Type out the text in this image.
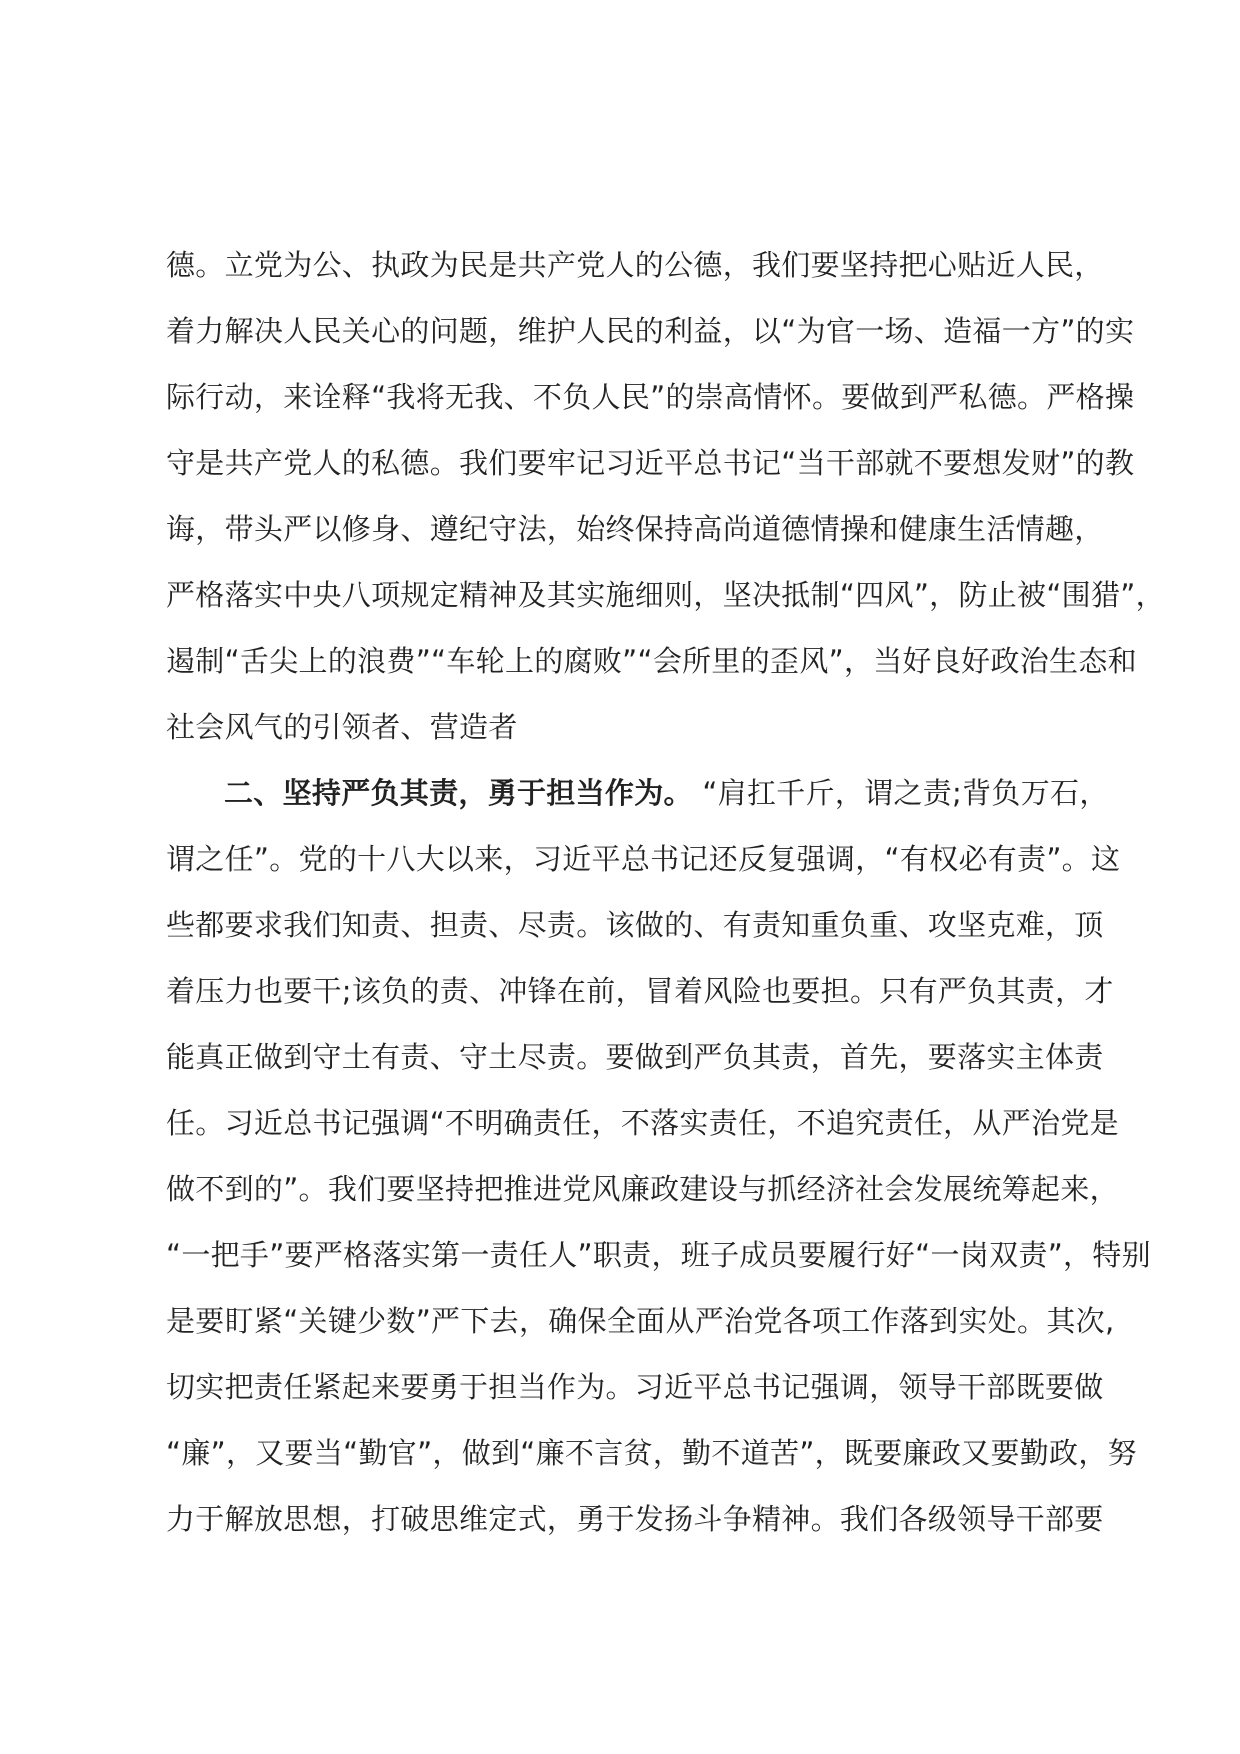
德。立党为公、执政为民是共产党人的公德，我们要坚持把心贴近人民，
着力解决人民关心的问题，维护人民的利益，以“为官一场、造福一方”的实
际行动，来诠释“我将无我、不负人民”的崇高情怀。要做到严私德。严格操
守是共产党人的私德。我们要牢记习近平总书记“当干部就不要想发财”的教
诲，带头严以修身、遵纪守法，始终保持高尚道德情操和健康生活情趣，
严格落实中央八项规定精神及其实施细则，坚决抵制“四风”，防止被“围猎”，
遏制“舌尖上的浪费”“车轮上的腐败”“会所里的歪风”，当好良好政治生态和
社会风气的引领者、营造者
二、坚持严负其责，勇于担当作为。 “肩扛千斤，谓之责;背负万石，
谓之任”。党的十八大以来，习近平总书记还反复强调，“有权必有责”。这
些都要求我们知责、担责、尽责。该做的、有责知重负重、攻坚克难，顶
着压力也要干;该负的责、冲锋在前，冒着风险也要担。只有严负其责，才
能真正做到守土有责、守土尽责。要做到严负其责，首先，要落实主体责
任。习近总书记强调“不明确责任，不落实责任，不追究责任，从严治党是
做不到的”。我们要坚持把推进党风廉政建设与抓经济社会发展统筹起来，
“一把手”要严格落实第一责任人”职责，班子成员要履行好“一岗双责”，特别
是要盯紧“关键少数”严下去，确保全面从严治党各项工作落到实处。其次,
切实把责任紧起来要勇于担当作为。习近平总书记强调，领导干部既要做
“廉”，又要当“勤官”，做到“廉不言贫，勤不道苦”，既要廉政又要勤政，努
力于解放思想，打破思维定式，勇于发扬斗争精神。我们各级领导干部要
